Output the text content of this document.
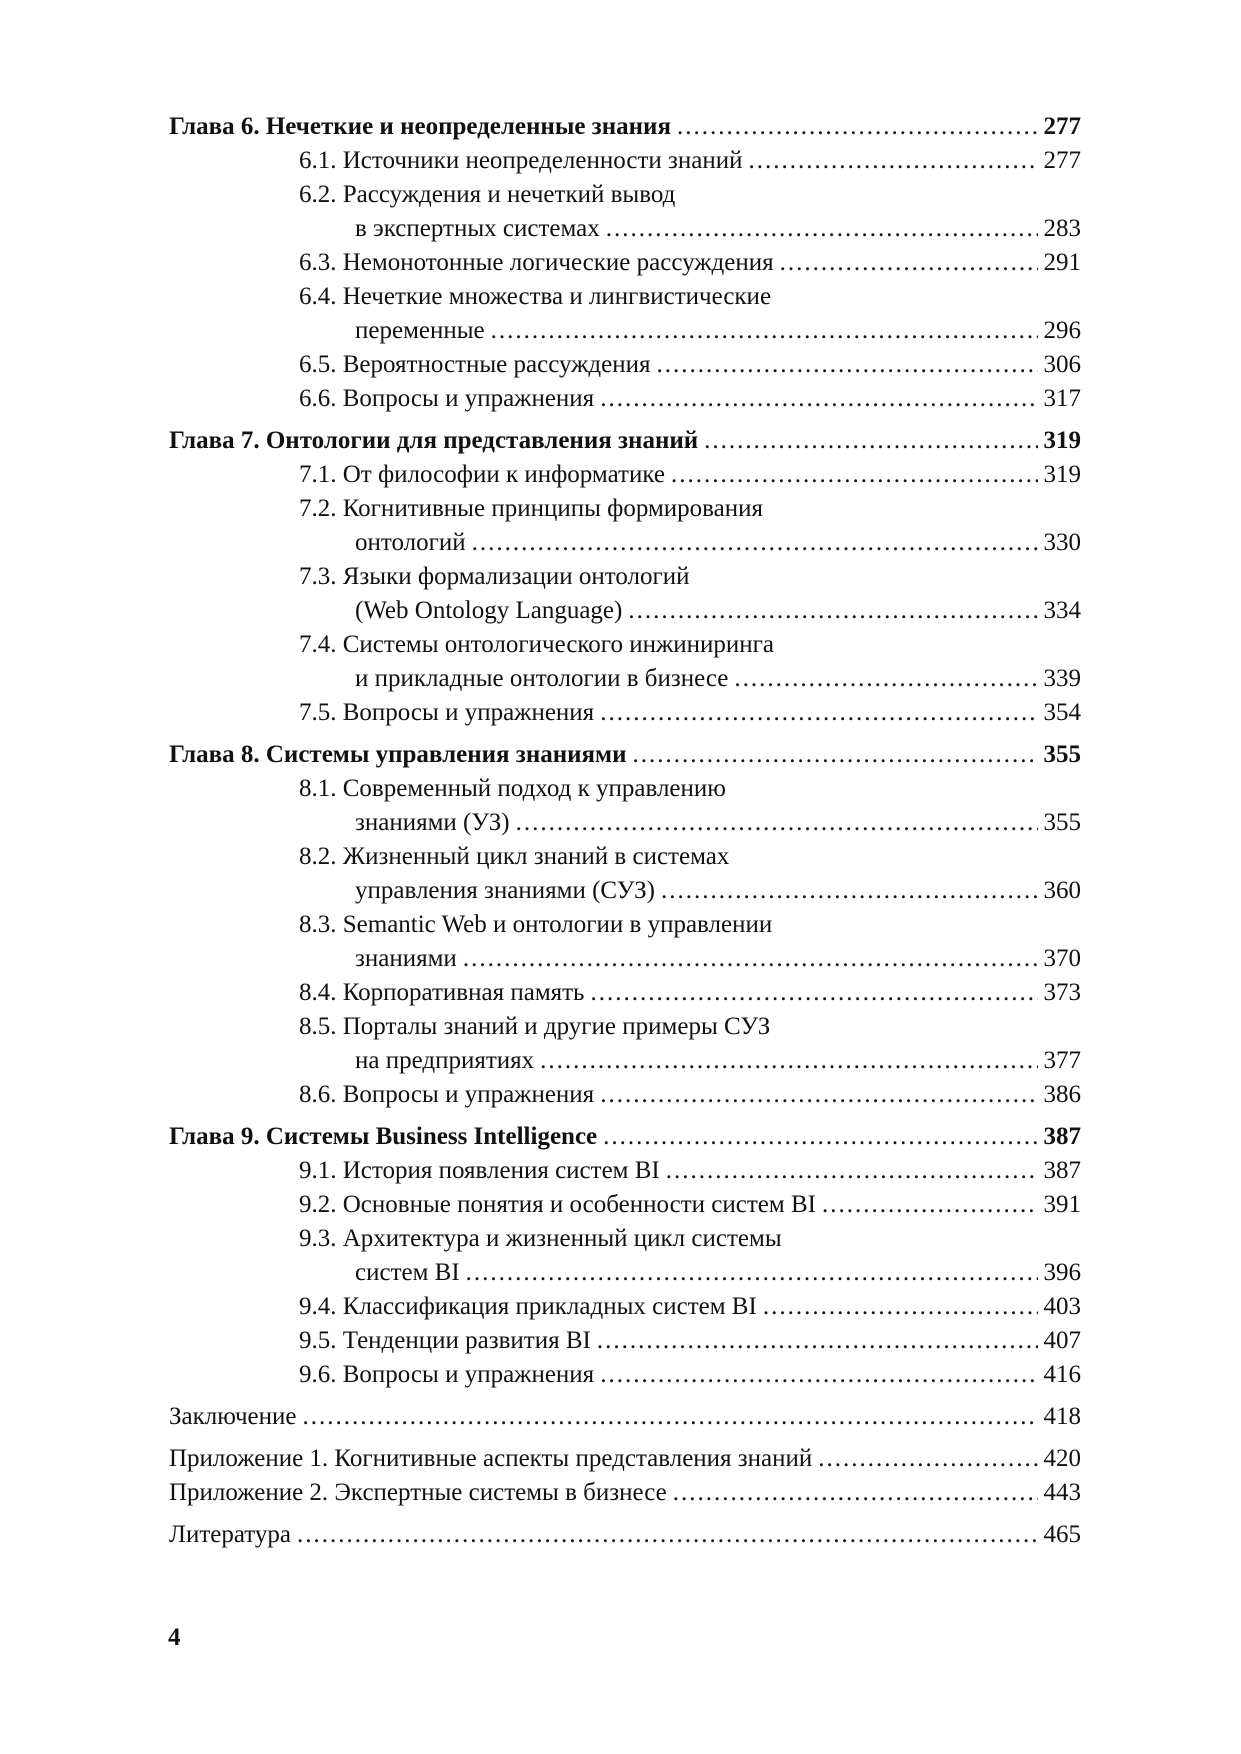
Глава 6. Нечеткие и неопределенные знания .....	277
6.1. Источники неопределенности знаний .....	277
6.2. Рассуждения и нечеткий вывод
в экспертных системах .....	283
6.3. Немонотонные логические рассуждения .....	291
6.4. Нечеткие множества и лингвистические
переменные .....	296
6.5. Вероятностные рассуждения .....	306
6.6. Вопросы и упражнения .....	317
Глава 7. Онтологии для представления знаний .....	319
7.1. От философии к информатике .....	319
7.2. Когнитивные принципы формирования
онтологий .....	330
7.3. Языки формализации онтологий
(Web Ontology Language) .....	334
7.4. Системы онтологического инжиниринга
и прикладные онтологии в бизнесе .....	339
7.5. Вопросы и упражнения .....	354
Глава 8. Системы управления знаниями .....	355
8.1. Современный подход к управлению
знаниями (УЗ) .....	355
8.2. Жизненный цикл знаний в системах
управления знаниями (СУЗ) .....	360
8.3. Semantic Web и онтологии в управлении
знаниями .....	370
8.4. Корпоративная память .....	373
8.5. Порталы знаний и другие примеры СУЗ
на предприятиях .....	377
8.6. Вопросы и упражнения .....	386
Глава 9. Системы Business Intelligence .....	387
9.1. История появления систем BI .....	387
9.2. Основные понятия и особенности систем BI .....	391
9.3. Архитектура и жизненный цикл системы
систем BI .....	396
9.4. Классификация прикладных систем BI .....	403
9.5. Тенденции развития BI .....	407
9.6. Вопросы и упражнения .....	416
Заключение .....	418
Приложение 1. Когнитивные аспекты представления знаний .....	420
Приложение 2. Экспертные системы в бизнесе .....	443
Литература .....	465
4
